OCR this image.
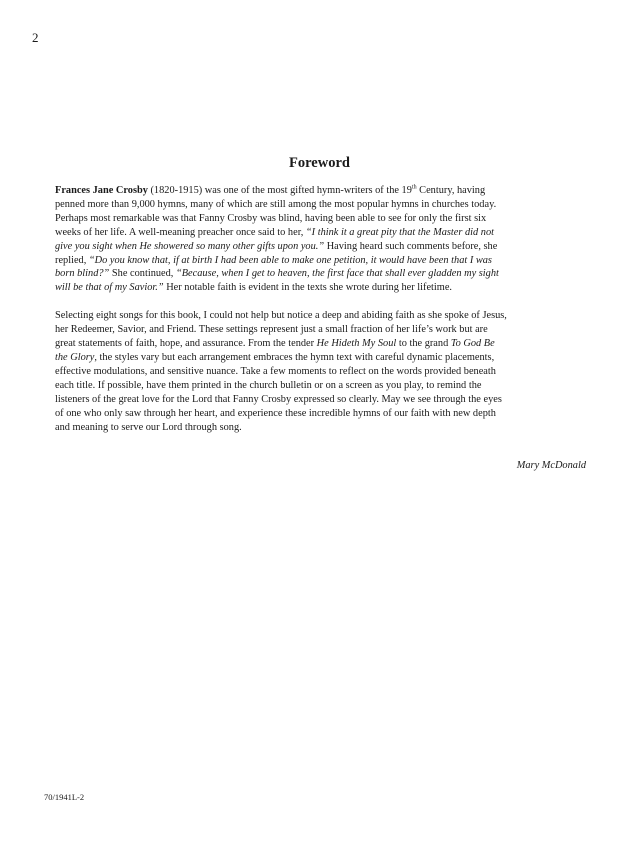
2
Foreword

Frances Jane Crosby (1820-1915) was one of the most gifted hymn-writers of the 19th Century, having
penned more than 9,000 hymns, many of which are still among the most popular hymns in churches today.
Perhaps most remarkable was that Fanny Crosby was blind, having been able to see for only the first six
weeks of her life. A well-meaning preacher once said to her, “I think it a great pity that the Master did not
give you sight when He showered so many other gifts upon you.” Having heard such comments before, she
replied, “Do you know that, if at birth I had been able to make one petition, it would have been that I was
born blind?” She continued, “Because, when I get to heaven, the first face that shall ever gladden my sight
will be that of my Savior.” Her notable faith is evident in the texts she wrote during her lifetime.

Selecting eight songs for this book, I could not help but notice a deep and abiding faith as she spoke of Jesus,
her Redeemer, Savior, and Friend. These settings represent just a small fraction of her life’s work but are
great statements of faith, hope, and assurance. From the tender He Hideth My Soul to the grand To God Be
the Glory, the styles vary but each arrangement embraces the hymn text with careful dynamic placements,
effective modulations, and sensitive nuance. Take a few moments to reflect on the words provided beneath
each title. If possible, have them printed in the church bulletin or on a screen as you play, to remind the
listeners of the great love for the Lord that Fanny Crosby expressed so clearly. May we see through the eyes
of one who only saw through her heart, and experience these incredible hymns of our faith with new depth
and meaning to serve our Lord through song.

Mary McDonald
70/1941L-2
